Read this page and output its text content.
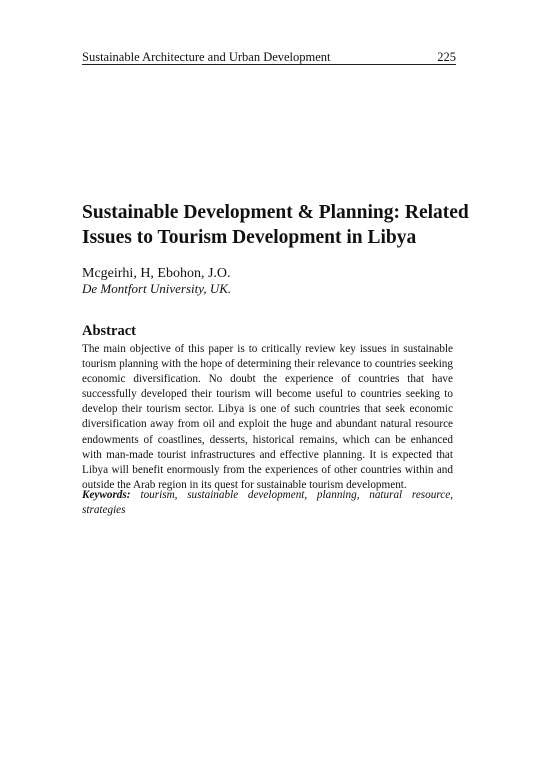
Sustainable Architecture and Urban Development	225
Sustainable Development & Planning: Related Issues to Tourism Development in Libya
Mcgeirhi, H, Ebohon, J.O.
De Montfort University, UK.
Abstract

The main objective of this paper is to critically review key issues in sustainable tourism planning with the hope of determining their relevance to countries seeking economic diversification. No doubt the experience of countries that have successfully developed their tourism will become useful to countries seeking to develop their tourism sector. Libya is one of such countries that seek economic diversification away from oil and exploit the huge and abundant natural resource endowments of coastlines, desserts, historical remains, which can be enhanced with man-made tourist infrastructures and effective planning. It is expected that Libya will benefit enormously from the experiences of other countries within and outside the Arab region in its quest for sustainable tourism development.

Keywords: tourism, sustainable development, planning, natural resource, strategies
